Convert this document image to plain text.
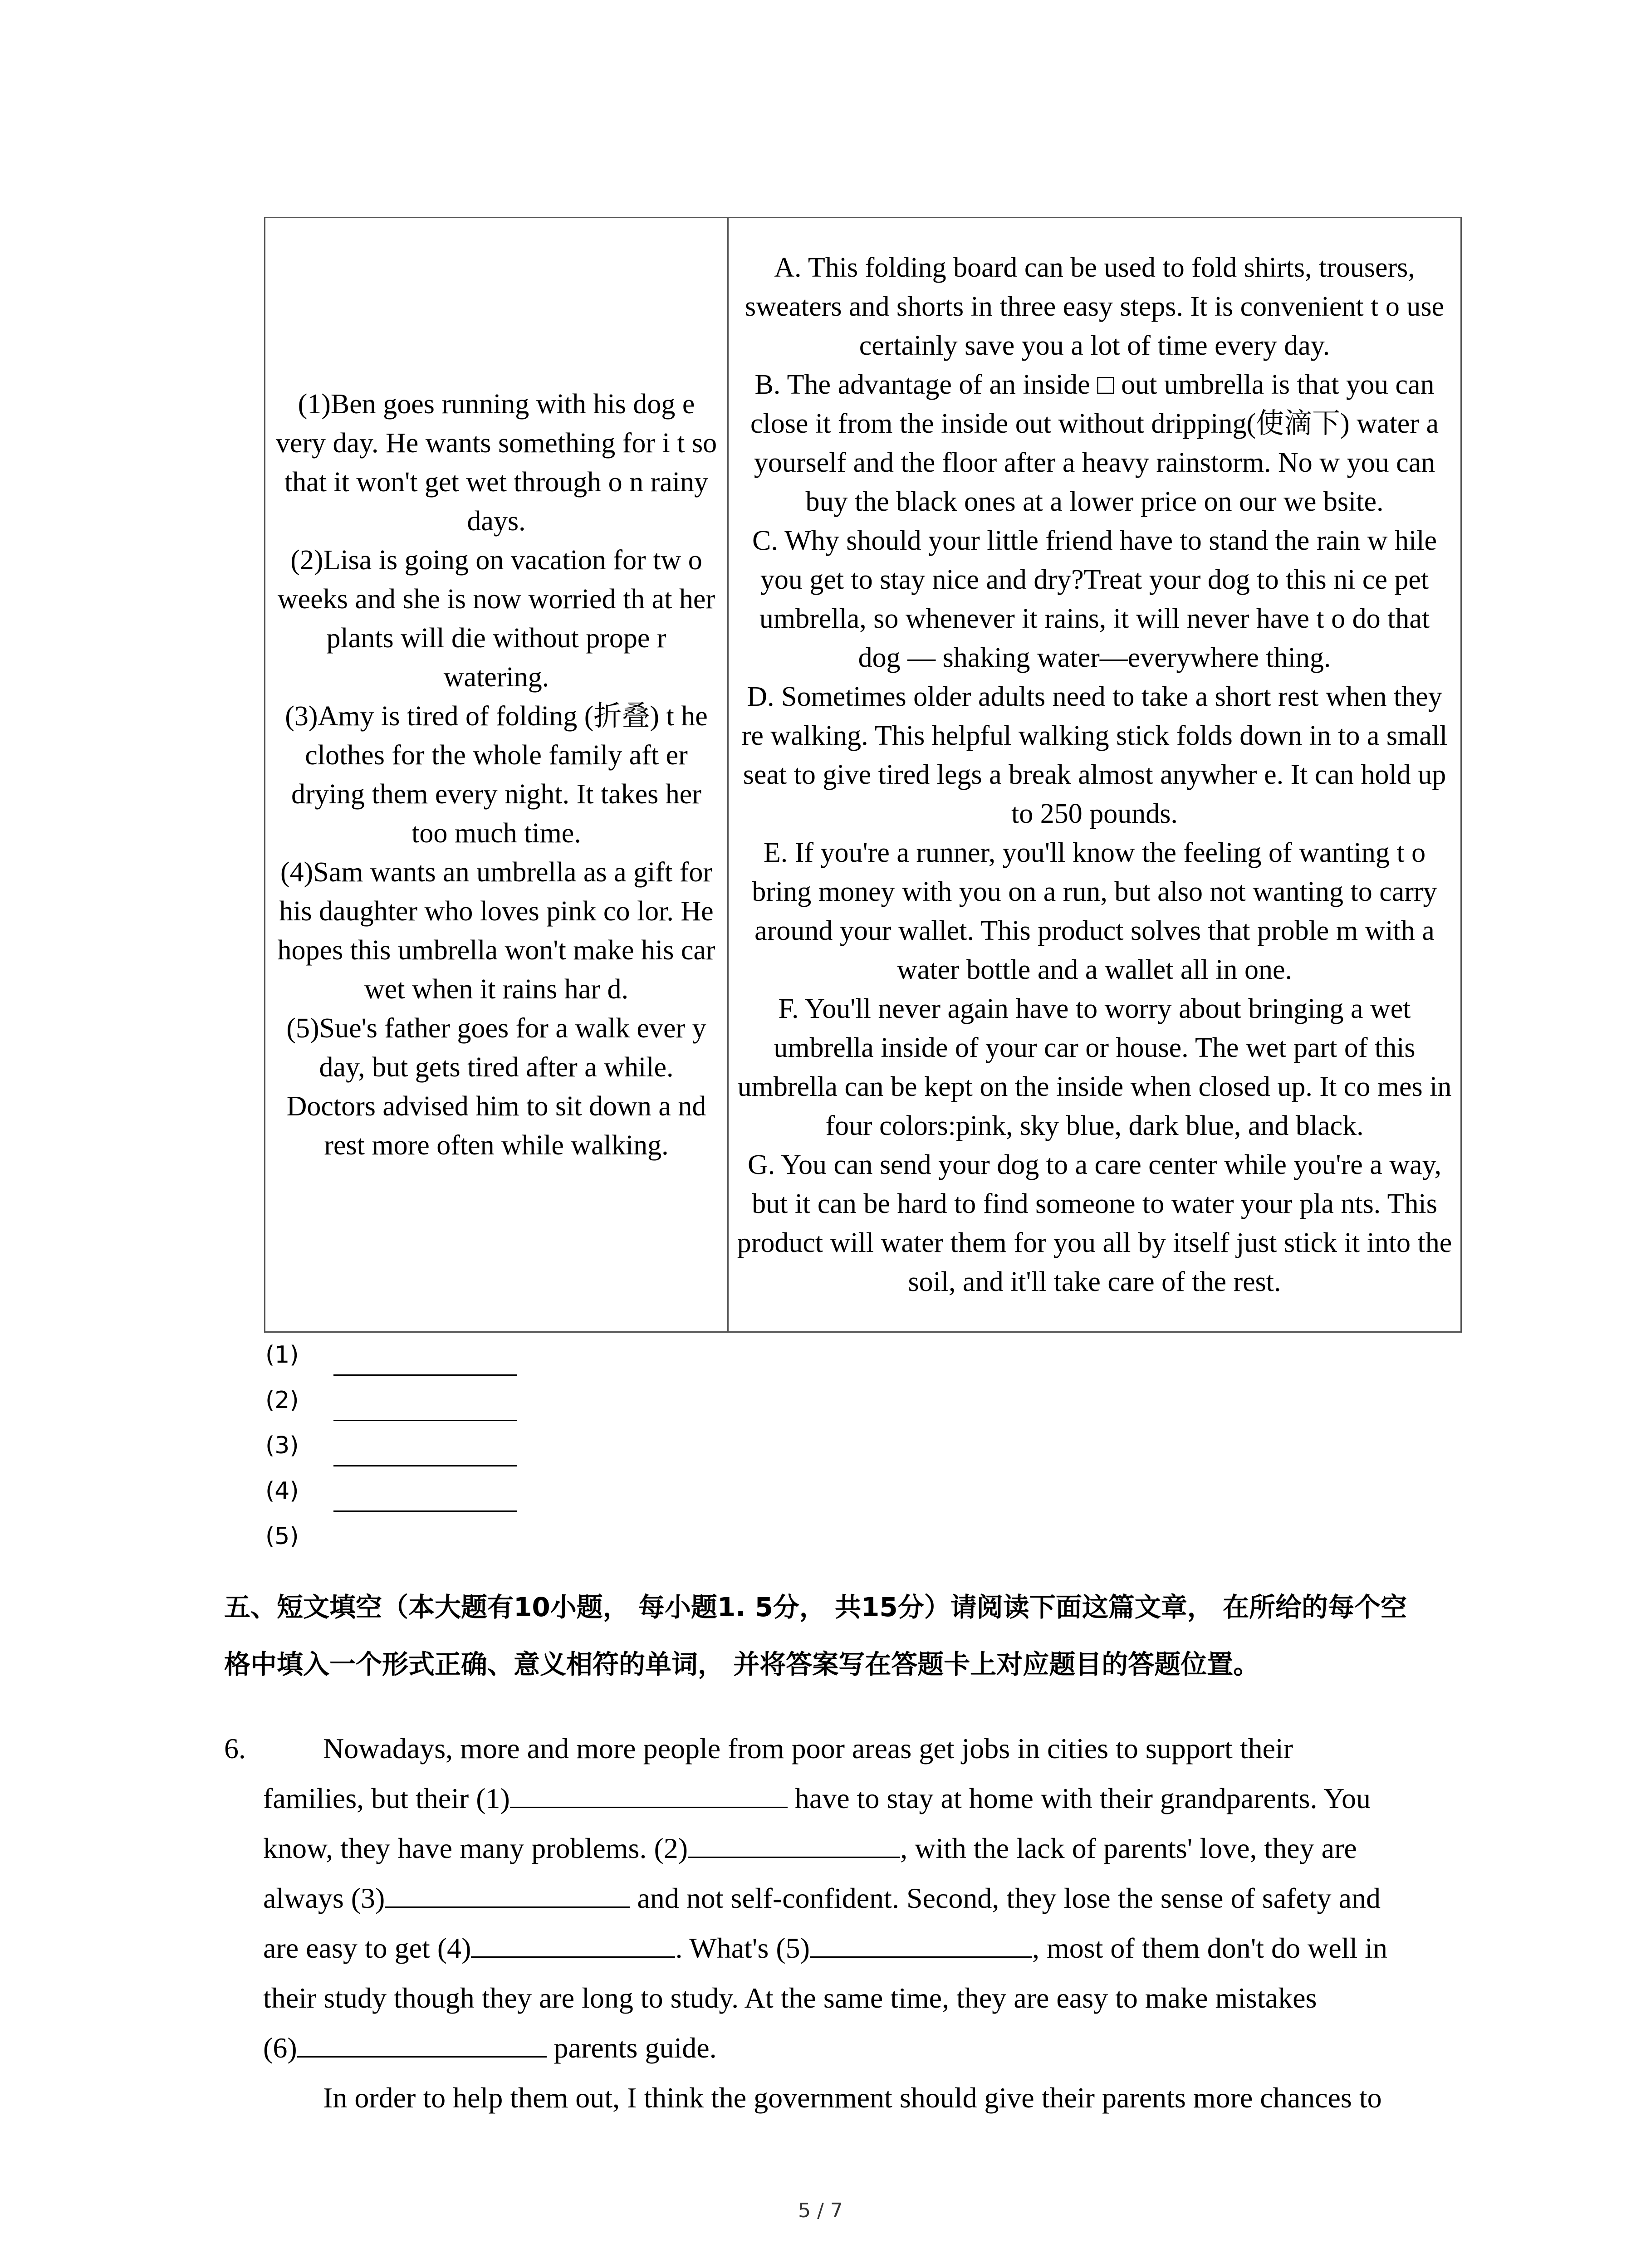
(1)Ben goes running with his dog e very day. He wants something for i t so that it won't get wet through o n rainy days.
(2)Lisa is going on vacation for tw o weeks and she is now worried th at her plants will die without prope r watering.
(3)Amy is tired of folding (折叠) t he clothes for the whole family aft er drying them every night. It takes her too much time.
(4)Sam wants an umbrella as a gift for his daughter who loves pink co lor. He hopes this umbrella won't make his car wet when it rains har d.
(5)Sue's father goes for a walk ever y day, but gets tired after a while. Doctors advised him to sit down a nd rest more often while walking.

A. This folding board can be used to fold shirts, trousers, sweaters and shorts in three easy steps. It is convenient t o use certainly save you a lot of time every day.
B. The advantage of an inside □ out umbrella is that you can close it from the inside out without dripping(使滴下) water a yourself and the floor after a heavy rainstorm. No w you can buy the black ones at a lower price on our we bsite.
C. Why should your little friend have to stand the rain w hile you get to stay nice and dry?Treat your dog to this ni ce pet umbrella, so whenever it rains, it will never have t o do that dog — shaking water—everywhere thing.
D. Sometimes older adults need to take a short rest when they re walking. This helpful walking stick folds down in to a small seat to give tired legs a break almost anywher e. It can hold up to 250 pounds.
E. If you're a runner, you'll know the feeling of wanting t o bring money with you on a run, but also not wanting to carry around your wallet. This product solves that proble m with a water bottle and a wallet all in one.
F. You'll never again have to worry about bringing a wet umbrella inside of your car or house. The wet part of this umbrella can be kept on the inside when closed up. It co mes in four colors:pink, sky blue, dark blue, and black.
G. You can send your dog to a care center while you're a way, but it can be hard to find someone to water your pla nts. This product will water them for you all by itself just stick it into the soil, and it'll take care of the rest.
(1)
(2)
(3)
(4)
(5)
五、短文填空（本大题有10小题， 每小题1. 5分， 共15分）请阅读下面这篇文章， 在所给的每个空格中填入一个形式正确、意义相符的单词， 并将答案写在答题卡上对应题目的答题位置。
6.	Nowadays, more and more people from poor areas get jobs in cities to support their
families, but their (1)	have to stay at home with their grandparents. You
know, they have many problems. (2)	, with the lack of parents' love, they are
always (3)	and not self-confident. Second, they lose the sense of safety and
are easy to get (4)	. What's (5)	, most of them don't do well in
their study though they are long to study. At the same time, they are easy to make mistakes
(6)	parents guide.
In order to help them out, I think the government should give their parents more chances to
5 / 7
